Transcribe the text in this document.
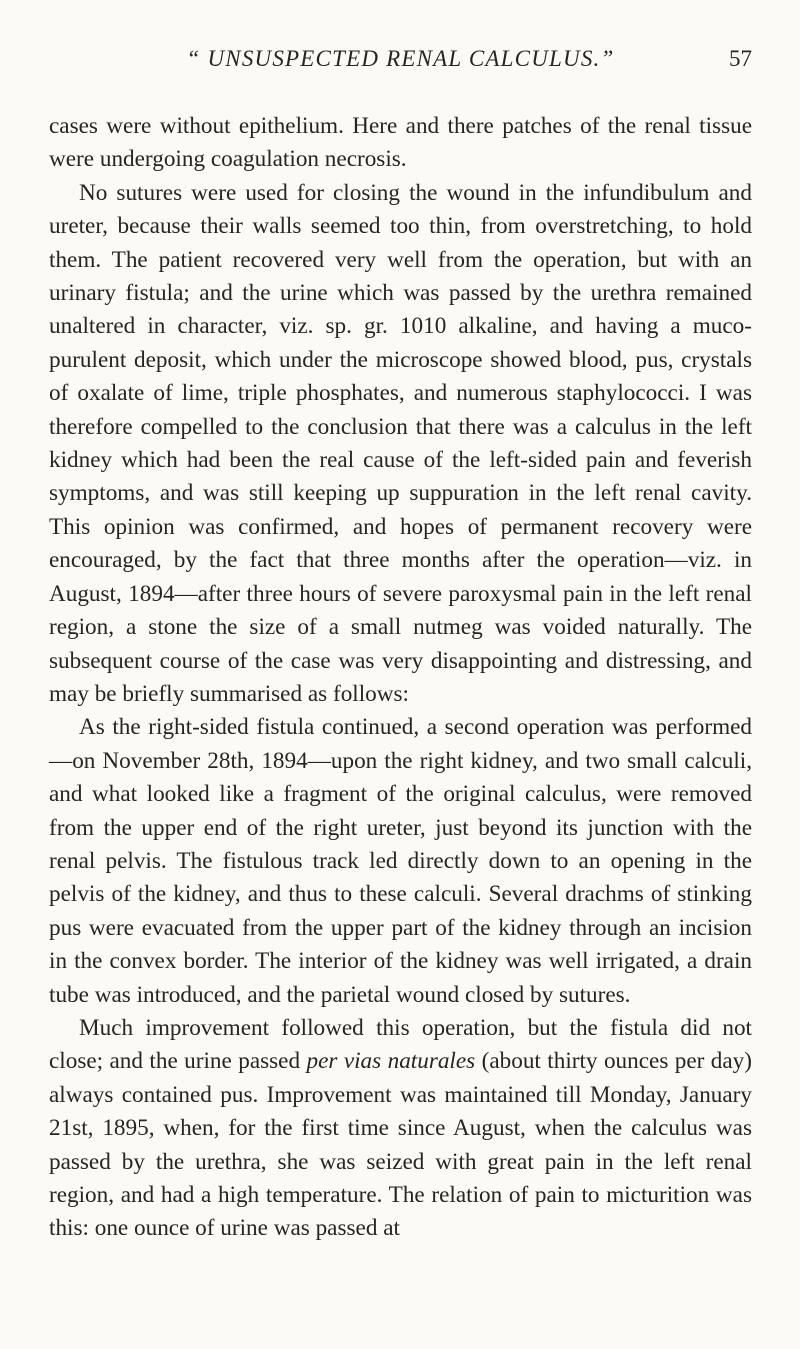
“ UNSUSPECTED RENAL CALCULUS.”	57

cases were without epithelium. Here and there patches of the renal tissue were undergoing coagulation necrosis.

No sutures were used for closing the wound in the infundibulum and ureter, because their walls seemed too thin, from overstretching, to hold them. The patient recovered very well from the operation, but with an urinary fistula; and the urine which was passed by the urethra remained unaltered in character, viz. sp. gr. 1010 alkaline, and having a muco-purulent deposit, which under the microscope showed blood, pus, crystals of oxalate of lime, triple phosphates, and numerous staphylococci. I was therefore compelled to the conclusion that there was a calculus in the left kidney which had been the real cause of the left-sided pain and feverish symptoms, and was still keeping up suppuration in the left renal cavity. This opinion was confirmed, and hopes of permanent recovery were encouraged, by the fact that three months after the operation—viz. in August, 1894—after three hours of severe paroxysmal pain in the left renal region, a stone the size of a small nutmeg was voided naturally. The subsequent course of the case was very disappointing and distressing, and may be briefly summarised as follows:

As the right-sided fistula continued, a second operation was performed—on November 28th, 1894—upon the right kidney, and two small calculi, and what looked like a fragment of the original calculus, were removed from the upper end of the right ureter, just beyond its junction with the renal pelvis. The fistulous track led directly down to an opening in the pelvis of the kidney, and thus to these calculi. Several drachms of stinking pus were evacuated from the upper part of the kidney through an incision in the convex border. The interior of the kidney was well irrigated, a drain tube was introduced, and the parietal wound closed by sutures.

Much improvement followed this operation, but the fistula did not close; and the urine passed per vias naturales (about thirty ounces per day) always contained pus. Improvement was maintained till Monday, January 21st, 1895, when, for the first time since August, when the calculus was passed by the urethra, she was seized with great pain in the left renal region, and had a high temperature. The relation of pain to micturition was this: one ounce of urine was passed at
